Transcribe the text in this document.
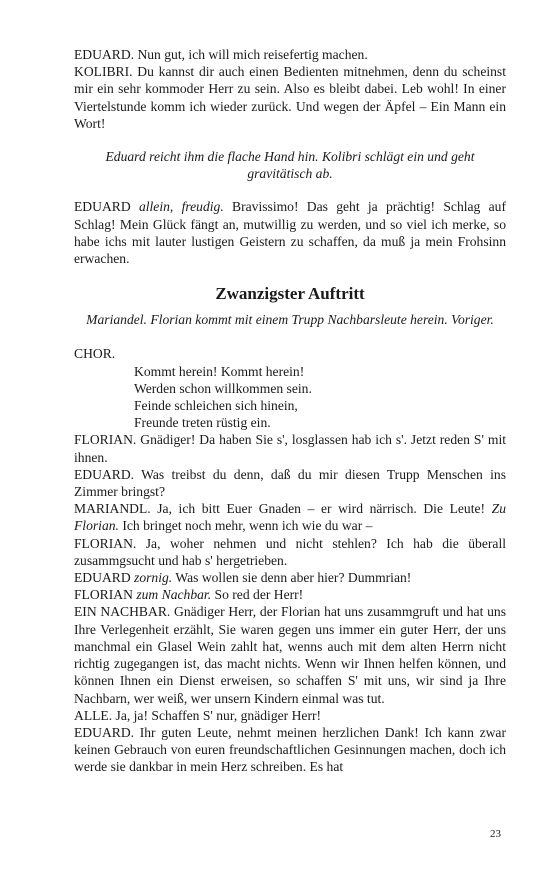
EDUARD. Nun gut, ich will mich reisefertig machen.

KOLIBRI. Du kannst dir auch einen Bedienten mitnehmen, denn du scheinst mir ein sehr kommoder Herr zu sein. Also es bleibt dabei. Leb wohl! In einer Viertelstunde komm ich wieder zurück. Und wegen der Äpfel – Ein Mann ein Wort!

Eduard reicht ihm die flache Hand hin. Kolibri schlägt ein und geht gravitätisch ab.

EDUARD allein, freudig. Bravissimo! Das geht ja prächtig! Schlag auf Schlag! Mein Glück fängt an, mutwillig zu werden, und so viel ich merke, so habe ichs mit lauter lustigen Geistern zu schaffen, da muß ja mein Frohsinn erwachen.

Zwanzigster Auftritt

Mariandel. Florian kommt mit einem Trupp Nachbarsleute herein. Voriger.

CHOR.

Kommt herein! Kommt herein!

Werden schon willkommen sein.

Feinde schleichen sich hinein,

Freunde treten rüstig ein.

FLORIAN. Gnädiger! Da haben Sie s', losglassen hab ich s'. Jetzt reden S' mit ihnen.

EDUARD. Was treibst du denn, daß du mir diesen Trupp Menschen ins Zimmer bringst?

MARIANDL. Ja, ich bitt Euer Gnaden – er wird närrisch. Die Leute! Zu Florian. Ich bringet noch mehr, wenn ich wie du war –

FLORIAN. Ja, woher nehmen und nicht stehlen? Ich hab die überall zusammgsucht und hab s' hergetrieben.

EDUARD zornig. Was wollen sie denn aber hier? Dummrian!

FLORIAN zum Nachbar. So red der Herr!

EIN NACHBAR. Gnädiger Herr, der Florian hat uns zusammgruft und hat uns Ihre Verlegenheit erzählt, Sie waren gegen uns immer ein guter Herr, der uns manchmal ein Glasel Wein zahlt hat, wenns auch mit dem alten Herrn nicht richtig zugegangen ist, das macht nichts. Wenn wir Ihnen helfen können, und können Ihnen ein Dienst erweisen, so schaffen S' mit uns, wir sind ja Ihre Nachbarn, wer weiß, wer unsern Kindern einmal was tut.

ALLE. Ja, ja! Schaffen S' nur, gnädiger Herr!

EDUARD. Ihr guten Leute, nehmt meinen herzlichen Dank! Ich kann zwar keinen Gebrauch von euren freundschaftlichen Gesinnungen machen, doch ich werde sie dankbar in mein Herz schreiben. Es hat

23
